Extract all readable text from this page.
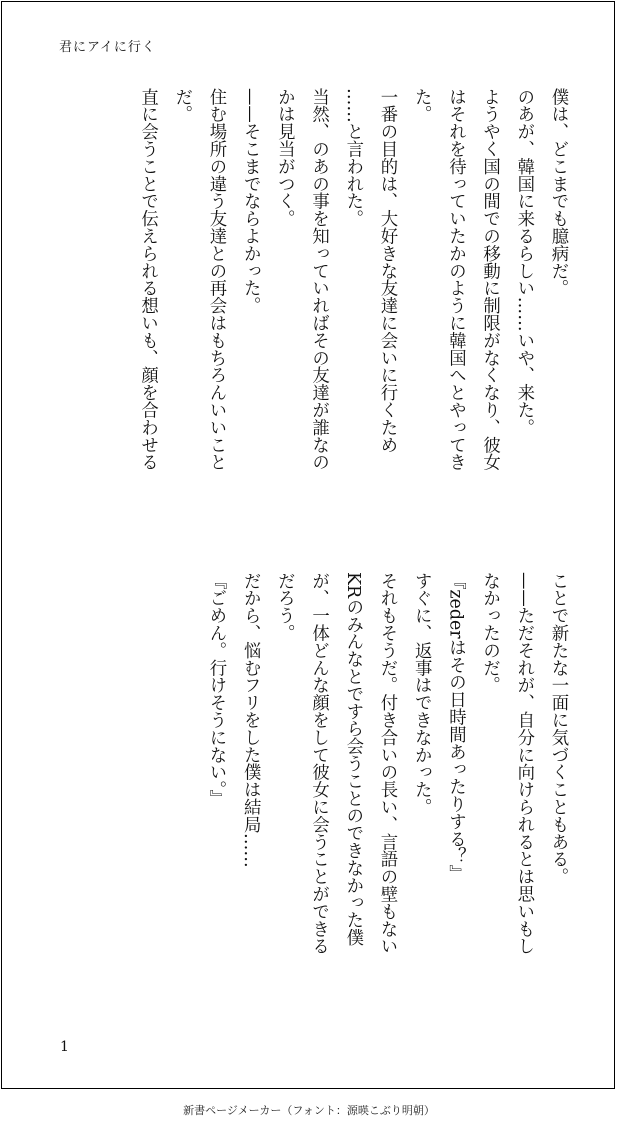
君にアイに行く

僕は、どこまでも臆病だ。

のあが、韓国に来るらしい……いや、来た。

ようやく国の間での移動に制限がなくなり、彼女

はそれを待っていたかのように韓国へとやってき

た。

一番の目的は、大好きな友達に会いに行くため

……と言われた。

当然、のあの事を知っていればその友達が誰なの

かは見当がつく。

——そこまでならよかった。

住む場所の違う友達との再会はもちろんいいこと

だ。

直に会うことで伝えられる想いも、顔を合わせる

ことで新たな一面に気づくこともある。

——ただそれが、自分に向けられるとは思いもし

なかったのだ。

『zederはその日時間あったりする？』

すぐに、返事はできなかった。

それもそうだ。付き合いの長い、言語の壁もない

KRのみんなとですら会うことのできなかった僕

が、一体どんな顔をして彼女に会うことができる

だろう。

だから、悩むフリをした僕は結局……

『ごめん。行けそうにない。』

1
新書ページメーカー（フォント：源暎こぶり明朝）
